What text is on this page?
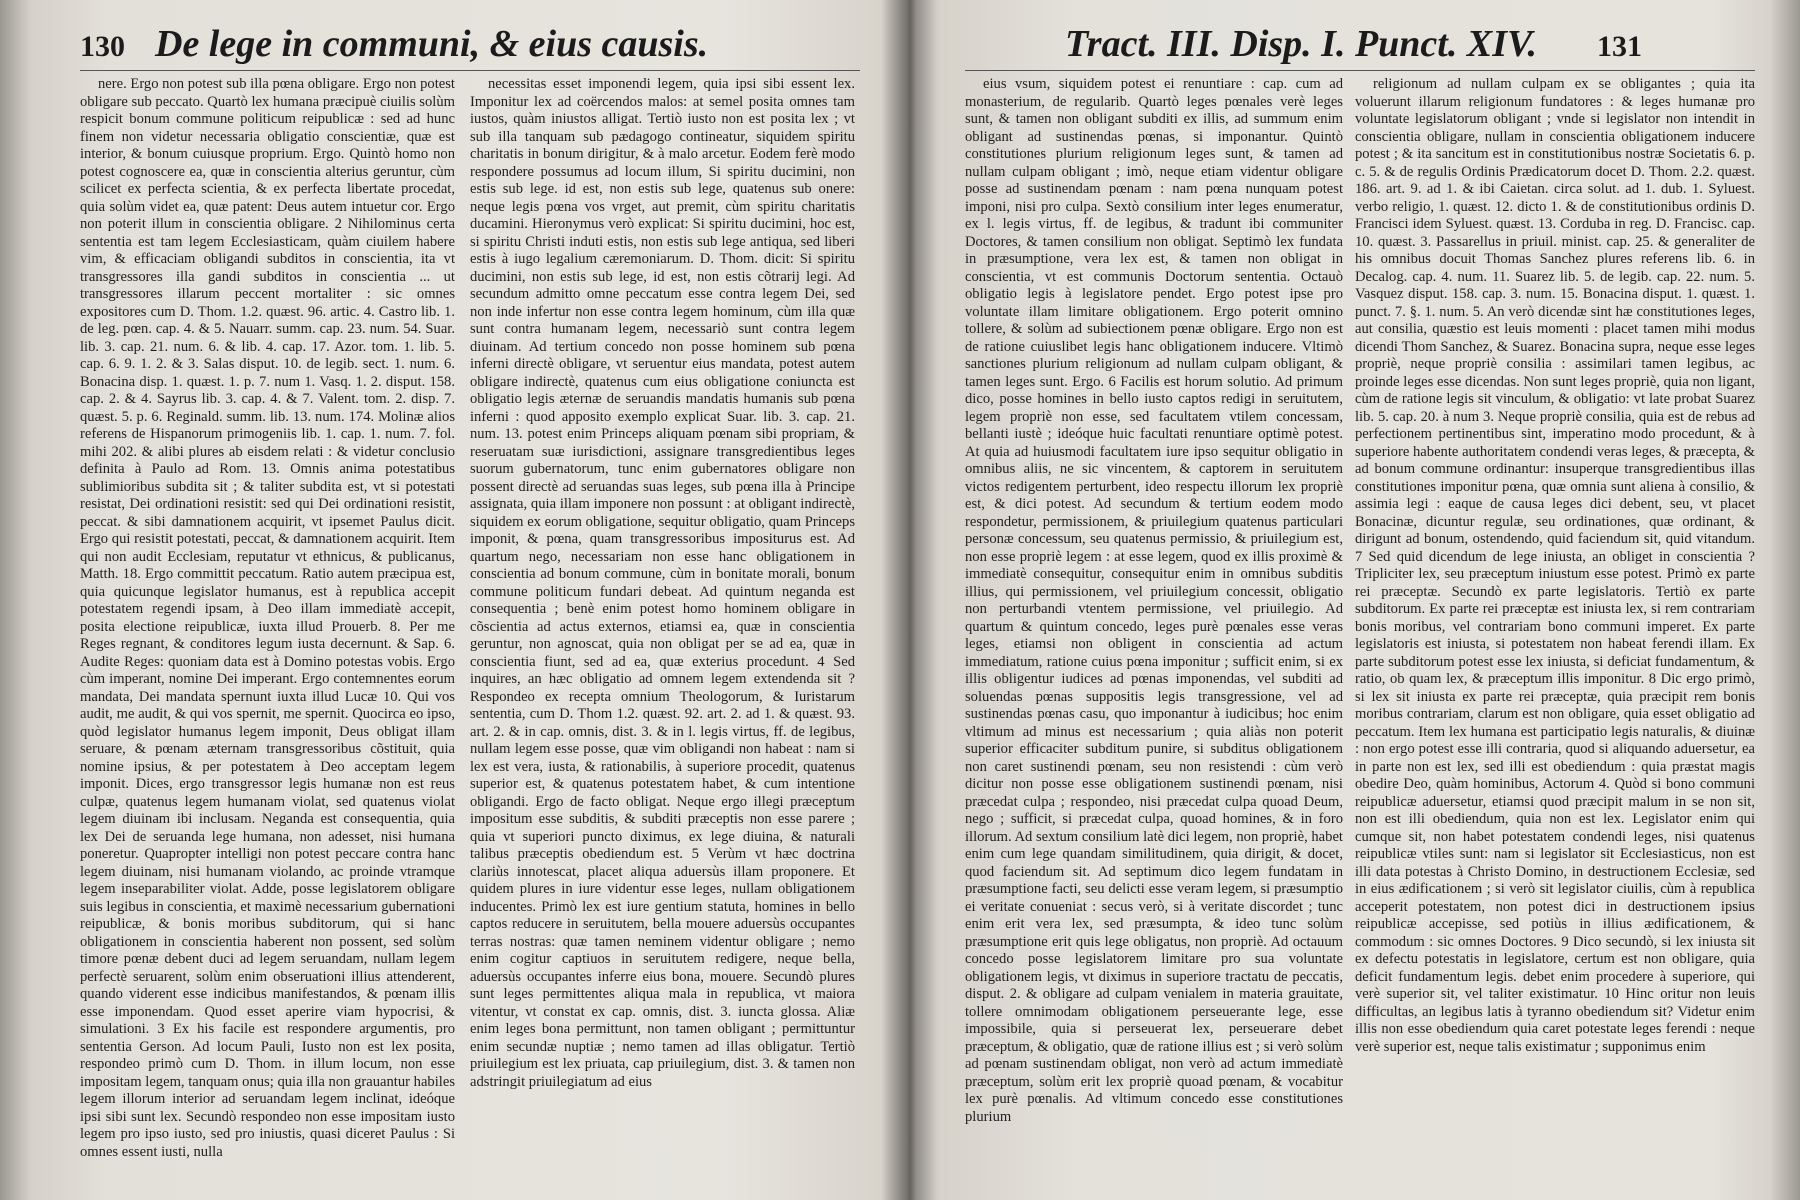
130 De lege in communi, & eius causis.

nere. Ergo non potest sub illa pœna obligare. Ergo non potest obligare sub peccato. Quartò lex humana præcipuè ciuilis solùm respicit bonum commune politicum reipublicæ : sed ad hunc finem non videtur necessaria obligatio conscientiæ, quæ est interior, & bonum cuiusque proprium. Ergo. Quintò homo non potest cognoscere ea, quæ in conscientia alterius geruntur, cùm scilicet ex perfecta scientia, & ex perfecta libertate procedat, quia solùm videt ea, quæ patent: Deus autem intuetur cor. Ergo non poterit illum in conscientia obligare. 2 Nihilominus certa sententia est tam legem Ecclesiasticam, quàm ciuilem habere vim, & efficaciam obligandi subditos in conscientia, ita vt transgressores illa gandi subditos in conscientia ... ut transgressores illarum peccent mortaliter : sic omnes expositores cum D. Thom. 1.2. quæst. 96. artic. 4. Castro lib. 1. de leg. pœn. cap. 4. & 5. Nauarr. summ. cap. 23. num. 54. Suar. lib. 3. cap. 21. num. 6. & lib. 4. cap. 17. Azor. tom. 1. lib. 5. cap. 6. 9. 1. 2. & 3. Salas disput. 10. de legib. sect. 1. num. 6. Bonacina disp. 1. quæst. 1. p. 7. num 1. Vasq. 1. 2. disput. 158. cap. 2. & 4. Sayrus lib. 3. cap. 4. & 7. Valent. tom. 2. disp. 7. quæst. 5. p. 6. Reginald. summ. lib. 13. num. 174. Molinæ alios referens de Hispanorum primogeniis lib. 1. cap. 1. num. 7. fol. mihi 202. & alibi plures ab eisdem relati : & videtur conclusio definita à Paulo ad Rom. 13. Omnis anima potestatibus sublimioribus subdita sit ; & taliter subdita est, vt si potestati resistat, Dei ordinationi resistit: sed qui Dei ordinationi resistit, peccat. & sibi damnationem acquirit, vt ipsemet Paulus dicit. Ergo qui resistit potestati, peccat, & damnationem acquirit. Item qui non audit Ecclesiam, reputatur vt ethnicus, & publicanus, Matth. 18. Ergo committit peccatum. Ratio autem præcipua est, quia quicunque legislator humanus, est à republica accepit potestatem regendi ipsam, à Deo illam immediatè accepit, posita electione reipublicæ, iuxta illud Prouerb. 8. Per me Reges regnant, & conditores legum iusta decernunt. & Sap. 6. Audite Reges: quoniam data est à Domino potestas vobis. Ergo cùm imperant, nomine Dei imperant. Ergo contemnentes eorum mandata, Dei mandata spernunt iuxta illud Lucæ 10. Qui vos audit, me audit, & qui vos spernit, me spernit. Quocirca eo ipso, quòd legislator humanus legem imponit, Deus obligat illam seruare, & pœnam æternam transgressoribus cõstituit, quia nomine ipsius, & per potestatem à Deo acceptam legem imponit. Dices, ergo transgressor legis humanæ non est reus culpæ, quatenus legem humanam violat, sed quatenus violat legem diuinam ibi inclusam. Neganda est consequentia, quia lex Dei de seruanda lege humana, non adesset, nisi humana poneretur. Quapropter intelligi non potest peccare contra hanc legem diuinam, nisi humanam violando, ac proinde vtramque legem inseparabiliter violat. Adde, posse legislatorem obligare suis legibus in conscientia, et maximè necessarium gubernationi reipublicæ, & bonis moribus subditorum, qui si hanc obligationem in conscientia haberent non possent, sed solùm timore pœnæ debent duci ad legem seruandam, nullam legem perfectè seruarent, solùm enim obseruationi illius attenderent, quando viderent esse indicibus manifestandos, & pœnam illis esse imponendam. Quod esset aperire viam hypocrisi, & simulationi. 3 Ex his facile est respondere argumentis, pro sententia Gerson. Ad locum Pauli, Iusto non est lex posita, respondeo primò cum D. Thom. in illum locum, non esse impositam legem, tanquam onus; quia illa non grauantur habiles legem illorum interior ad seruandam legem inclinat, ideóque ipsi sibi sunt lex. Secundò respondeo non esse impositam iusto legem pro ipso iusto, sed pro iniustis, quasi diceret Paulus : Si omnes essent iusti, nulla

necessitas esset imponendi legem, quia ipsi sibi essent lex. Imponitur lex ad coërcendos malos: at semel posita omnes tam iustos, quàm iniustos alligat. Tertiò iusto non est posita lex ; vt sub illa tanquam sub pædagogo contineatur, siquidem spiritu charitatis in bonum dirigitur, & à malo arcetur. Eodem ferè modo respondere possumus ad locum illum, Si spiritu ducimini, non estis sub lege. id est, non estis sub lege, quatenus sub onere: neque legis pœna vos vrget, aut premit, cùm spiritu charitatis ducamini. Hieronymus verò explicat: Si spiritu ducimini, hoc est, si spiritu Christi induti estis, non estis sub lege antiqua, sed liberi estis à iugo legalium cæremoniarum. D. Thom. dicit: Si spiritu ducimini, non estis sub lege, id est, non estis cõtrarij legi. Ad secundum admitto omne peccatum esse contra legem Dei, sed non inde infertur non esse contra legem hominum, cùm illa quæ sunt contra humanam legem, necessariò sunt contra legem diuinam. Ad tertium concedo non posse hominem sub pœna inferni directè obligare, vt seruentur eius mandata, potest autem obligare indirectè, quatenus cum eius obligatione coniuncta est obligatio legis æternæ de seruandis mandatis humanis sub pœna inferni : quod apposito exemplo explicat Suar. lib. 3. cap. 21. num. 13. potest enim Princeps aliquam pœnam sibi propriam, & reseruatam suæ iurisdictioni, assignare transgredientibus leges suorum gubernatorum, tunc enim gubernatores obligare non possent directè ad seruandas suas leges, sub pœna illa à Principe assignata, quia illam imponere non possunt : at obligant indirectè, siquidem ex eorum obligatione, sequitur obligatio, quam Princeps imponit, & pœna, quam transgressoribus impositurus est. Ad quartum nego, necessariam non esse hanc obligationem in conscientia ad bonum commune, cùm in bonitate morali, bonum commune politicum fundari debeat. Ad quintum neganda est consequentia ; benè enim potest homo hominem obligare in cõscientia ad actus externos, etiamsi ea, quæ in conscientia geruntur, non agnoscat, quia non obligat per se ad ea, quæ in conscientia fiunt, sed ad ea, quæ exterius procedunt. 4 Sed inquires, an hæc obligatio ad omnem legem extendenda sit ? Respondeo ex recepta omnium Theologorum, & Iuristarum sententia, cum D. Thom 1.2. quæst. 92. art. 2. ad 1. & quæst. 93. art. 2. & in cap. omnis, dist. 3. & in l. legis virtus, ff. de legibus, nullam legem esse posse, quæ vim obligandi non habeat : nam si lex est vera, iusta, & rationabilis, à superiore procedit, quatenus superior est, & quatenus potestatem habet, & cum intentione obligandi. Ergo de facto obligat. Neque ergo illegi præceptum impositum esse subditis, & subditi præceptis non esse parere ; quia vt superiori puncto diximus, ex lege diuina, & naturali talibus præceptis obediendum est. 5 Verùm vt hæc doctrina clariùs innotescat, placet aliqua aduersùs illam proponere. Et quidem plures in iure videntur esse leges, nullam obligationem inducentes. Primò lex est iure gentium statuta, homines in bello captos reducere in seruitutem, bella mouere aduersùs occupantes terras nostras: quæ tamen neminem videntur obligare ; nemo enim cogitur captiuos in seruitutem redigere, neque bella, aduersùs occupantes inferre eius bona, mouere. Secundò plures sunt leges permittentes aliqua mala in republica, vt maiora vitentur, vt constat ex cap. omnis, dist. 3. iuncta glossa. Aliæ enim leges bona permittunt, non tamen obligant ; permittuntur enim secundæ nuptiæ ; nemo tamen ad illas obligatur. Tertiò priuilegium est lex priuata, cap priuilegium, dist. 3. & tamen non adstringit priuilegiatum ad eius

Tract. III. Disp. I. Punct. XIV. 131

eius vsum, siquidem potest ei renuntiare : cap. cum ad monasterium, de regularib. Quartò leges pœnales verè leges sunt, & tamen non obligant subditi ex illis, ad summum enim obligant ad sustinendas pœnas, si imponantur. Quintò constitutiones plurium religionum leges sunt, & tamen ad nullam culpam obligant ; imò, neque etiam videntur obligare posse ad sustinendam pœnam : nam pœna nunquam potest imponi, nisi pro culpa. Sextò consilium inter leges enumeratur, ex l. legis virtus, ff. de legibus, & tradunt ibi communiter Doctores, & tamen consilium non obligat. Septimò lex fundata in præsumptione, vera lex est, & tamen non obligat in conscientia, vt est communis Doctorum sententia. Octauò obligatio legis à legislatore pendet. Ergo potest ipse pro voluntate illam limitare obligationem. Ergo poterit omnino tollere, & solùm ad subiectionem pœnæ obligare. Ergo non est de ratione cuiuslibet legis hanc obligationem inducere. Vltimò sanctiones plurium religionum ad nullam culpam obligant, & tamen leges sunt. Ergo. 6 Facilis est horum solutio. Ad primum dico, posse homines in bello iusto captos redigi in seruitutem, legem propriè non esse, sed facultatem vtilem concessam, bellanti iustè ; ideóque huic facultati renuntiare optimè potest. At quia ad huiusmodi facultatem iure ipso sequitur obligatio in omnibus aliis, ne sic vincentem, & captorem in seruitutem victos redigentem perturbent, ideo respectu illorum lex propriè est, & dici potest. Ad secundum & tertium eodem modo respondetur, permissionem, & priuilegium quatenus particulari personæ concessum, seu quatenus permissio, & priuilegium est, non esse propriè legem : at esse legem, quod ex illis proximè & immediatè consequitur, consequitur enim in omnibus subditis illius, qui permissionem, vel priuilegium concessit, obligatio non perturbandi vtentem permissione, vel priuilegio. Ad quartum & quintum concedo, leges purè pœnales esse veras leges, etiamsi non obligent in conscientia ad actum immediatum, ratione cuius pœna imponitur ; sufficit enim, si ex illis obligentur iudices ad pœnas imponendas, vel subditi ad soluendas pœnas suppositis legis transgressione, vel ad sustinendas pœnas casu, quo imponantur à iudicibus; hoc enim vltimum ad minus est necessarium ; quia aliàs non poterit superior efficaciter subditum punire, si subditus obligationem non caret sustinendi pœnam, seu non resistendi : cùm verò dicitur non posse esse obligationem sustinendi pœnam, nisi præcedat culpa ; respondeo, nisi præcedat culpa quoad Deum, nego ; sufficit, si præcedat culpa, quoad homines, & in foro illorum. Ad sextum consilium latè dici legem, non propriè, habet enim cum lege quandam similitudinem, quia dirigit, & docet, quod faciendum sit. Ad septimum dico legem fundatam in præsumptione facti, seu delicti esse veram legem, si præsumptio ei veritate conueniat : secus verò, si à veritate discordet ; tunc enim erit vera lex, sed præsumpta, & ideo tunc solùm præsumptione erit quis lege obligatus, non propriè. Ad octauum concedo posse legislatorem limitare pro sua voluntate obligationem legis, vt diximus in superiore tractatu de peccatis, disput. 2. & obligare ad culpam venialem in materia grauitate, tollere omnimodam obligationem perseuerante lege, esse impossibile, quia si perseuerat lex, perseuerare debet præceptum, & obligatio, quæ de ratione illius est ; si verò solùm ad pœnam sustinendam obligat, non verò ad actum immediatè præceptum, solùm erit lex propriè quoad pœnam, & vocabitur lex purè pœnalis. Ad vltimum concedo esse constitutiones plurium

religionum ad nullam culpam ex se obligantes ; quia ita voluerunt illarum religionum fundatores : & leges humanæ pro voluntate legislatorum obligant ; vnde si legislator non intendit in conscientia obligare, nullam in conscientia obligationem inducere potest ; & ita sancitum est in constitutionibus nostræ Societatis 6. p. c. 5. & de regulis Ordinis Prædicatorum docet D. Thom. 2.2. quæst. 186. art. 9. ad 1. & ibi Caietan. circa solut. ad 1. dub. 1. Syluest. verbo religio, 1. quæst. 12. dicto 1. & de constitutionibus ordinis D. Francisci idem Syluest. quæst. 13. Corduba in reg. D. Francisc. cap. 10. quæst. 3. Passarellus in priuil. minist. cap. 25. & generaliter de his omnibus docuit Thomas Sanchez plures referens lib. 6. in Decalog. cap. 4. num. 11. Suarez lib. 5. de legib. cap. 22. num. 5. Vasquez disput. 158. cap. 3. num. 15. Bonacina disput. 1. quæst. 1. punct. 7. §. 1. num. 5. An verò dicendæ sint hæ constitutiones leges, aut consilia, quæstio est leuis momenti : placet tamen mihi modus dicendi Thom Sanchez, & Suarez. Bonacina supra, neque esse leges propriè, neque propriè consilia : assimilari tamen legibus, ac proinde leges esse dicendas. Non sunt leges propriè, quia non ligant, cùm de ratione legis sit vinculum, & obligatio: vt late probat Suarez lib. 5. cap. 20. à num 3. Neque propriè consilia, quia est de rebus ad perfectionem pertinentibus sint, imperatino modo procedunt, & à superiore habente authoritatem condendi veras leges, & præcepta, & ad bonum commune ordinantur: insuperque transgredientibus illas constitutiones imponitur pœna, quæ omnia sunt aliena à consilio, & assimia legi : eaque de causa leges dici debent, seu, vt placet Bonacinæ, dicuntur regulæ, seu ordinationes, quæ ordinant, & dirigunt ad bonum, ostendendo, quid faciendum sit, quid vitandum. 7 Sed quid dicendum de lege iniusta, an obliget in conscientia ? Tripliciter lex, seu præceptum iniustum esse potest. Primò ex parte rei præceptæ. Secundò ex parte legislatoris. Tertiò ex parte subditorum. Ex parte rei præceptæ est iniusta lex, si rem contrariam bonis moribus, vel contrariam bono communi imperet. Ex parte legislatoris est iniusta, si potestatem non habeat ferendi illam. Ex parte subditorum potest esse lex iniusta, si deficiat fundamentum, & ratio, ob quam lex, & præceptum illis imponitur. 8 Dic ergo primò, si lex sit iniusta ex parte rei præceptæ, quia præcipit rem bonis moribus contrariam, clarum est non obligare, quia esset obligatio ad peccatum. Item lex humana est participatio legis naturalis, & diuinæ : non ergo potest esse illi contraria, quod si aliquando aduersetur, ea in parte non est lex, sed illi est obediendum : quia præstat magis obedire Deo, quàm hominibus, Actorum 4. Quòd si bono communi reipublicæ aduersetur, etiamsi quod præcipit malum in se non sit, non est illi obediendum, quia non est lex. Legislator enim qui cumque sit, non habet potestatem condendi leges, nisi quatenus reipublicæ vtiles sunt: nam si legislator sit Ecclesiasticus, non est illi data potestas à Christo Domino, in destructionem Ecclesiæ, sed in eius ædificationem ; si verò sit legislator ciuilis, cùm à republica acceperit potestatem, non potest dici in destructionem ipsius reipublicæ accepisse, sed potiùs in illius ædificationem, & commodum : sic omnes Doctores. 9 Dico secundò, si lex iniusta sit ex defectu potestatis in legislatore, certum est non obligare, quia deficit fundamentum legis. debet enim procedere à superiore, qui verè superior sit, vel taliter existimatur. 10 Hinc oritur non leuis difficultas, an legibus latis à tyranno obediendum sit? Videtur enim illis non esse obediendum quia caret potestate leges ferendi : neque verè superior est, neque talis existimatur ; supponimus enim
